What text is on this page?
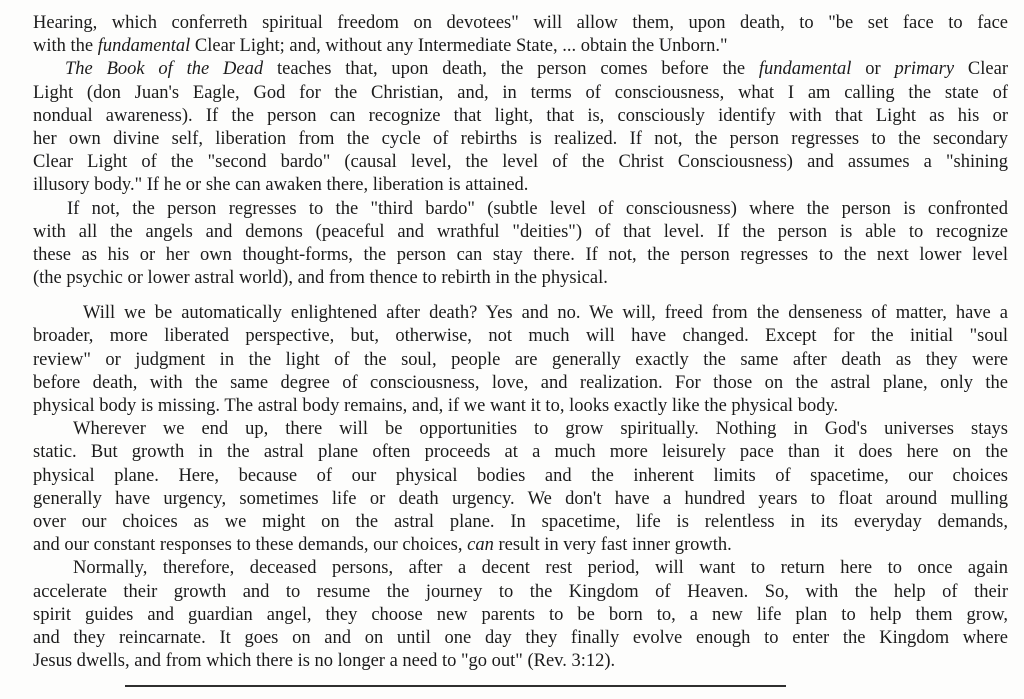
Hearing, which conferreth spiritual freedom on devotees" will allow them, upon death, to "be set face to face
with the fundamental Clear Light; and, without any Intermediate State, ... obtain the Unborn."
The Book of the Dead teaches that, upon death, the person comes before the fundamental or primary Clear
Light (don Juan's Eagle, God for the Christian, and, in terms of consciousness, what I am calling the state of
nondual awareness). If the person can recognize that light, that is, consciously identify with that Light as his or
her own divine self, liberation from the cycle of rebirths is realized. If not, the person regresses to the secondary
Clear Light of the "second bardo" (causal level, the level of the Christ Consciousness) and assumes a "shining
illusory body." If he or she can awaken there, liberation is attained.
If not, the person regresses to the "third bardo" (subtle level of consciousness) where the person is confronted
with all the angels and demons (peaceful and wrathful "deities") of that level. If the person is able to recognize
these as his or her own thought-forms, the person can stay there. If not, the person regresses to the next lower level
(the psychic or lower astral world), and from thence to rebirth in the physical.
Will we be automatically enlightened after death? Yes and no. We will, freed from the denseness of matter, have a
broader, more liberated perspective, but, otherwise, not much will have changed. Except for the initial "soul
review" or judgment in the light of the soul, people are generally exactly the same after death as they were
before death, with the same degree of consciousness, love, and realization. For those on the astral plane, only the
physical body is missing. The astral body remains, and, if we want it to, looks exactly like the physical body.
Wherever we end up, there will be opportunities to grow spiritually. Nothing in God's universes stays
static. But growth in the astral plane often proceeds at a much more leisurely pace than it does here on the
physical plane. Here, because of our physical bodies and the inherent limits of spacetime, our choices
generally have urgency, sometimes life or death urgency. We don't have a hundred years to float around mulling
over our choices as we might on the astral plane. In spacetime, life is relentless in its everyday demands,
and our constant responses to these demands, our choices, can result in very fast inner growth.
Normally, therefore, deceased persons, after a decent rest period, will want to return here to once again
accelerate their growth and to resume the journey to the Kingdom of Heaven. So, with the help of their
spirit guides and guardian angel, they choose new parents to be born to, a new life plan to help them grow,
and they reincarnate. It goes on and on until one day they finally evolve enough to enter the Kingdom where
Jesus dwells, and from which there is no longer a need to "go out" (Rev. 3:12).
